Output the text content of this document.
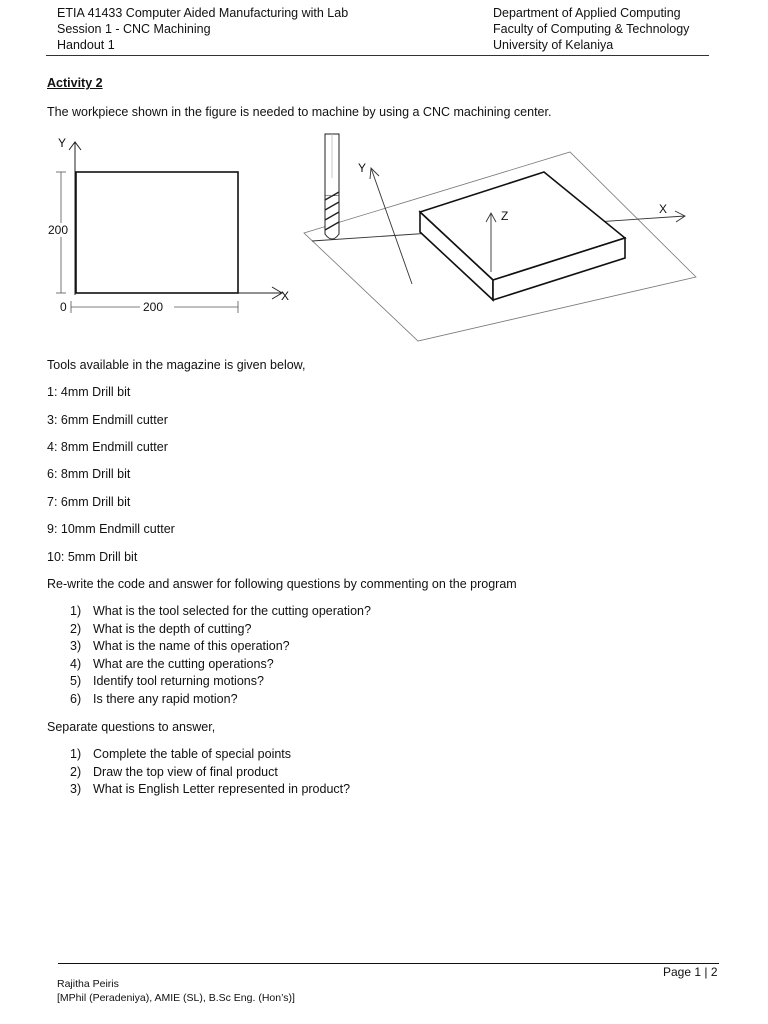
ETIA 41433 Computer Aided Manufacturing with Lab
Session 1 - CNC Machining
Handout 1
Department of Applied Computing
Faculty of Computing & Technology
University of Kelaniya
Activity 2
The workpiece shown in the figure is needed to machine by using a CNC machining center.
Y
X
200
200
0
Y
X
Z
Tools available in the magazine is given below,
1: 4mm Drill bit
3: 6mm Endmill cutter
4: 8mm Endmill cutter
6: 8mm Drill bit
7: 6mm Drill bit
9: 10mm Endmill cutter
10: 5mm Drill bit
Re-write the code and answer for following questions by commenting on the program
1) What is the tool selected for the cutting operation?
2) What is the depth of cutting?
3) What is the name of this operation?
4) What are the cutting operations?
5) Identify tool returning motions?
6) Is there any rapid motion?
Separate questions to answer,
1) Complete the table of special points
2) Draw the top view of final product
3) What is English Letter represented in product?
Page 1 | 2
Rajitha Peiris
[MPhil (Peradeniya), AMIE (SL), B.Sc Eng. (Hon’s)]
